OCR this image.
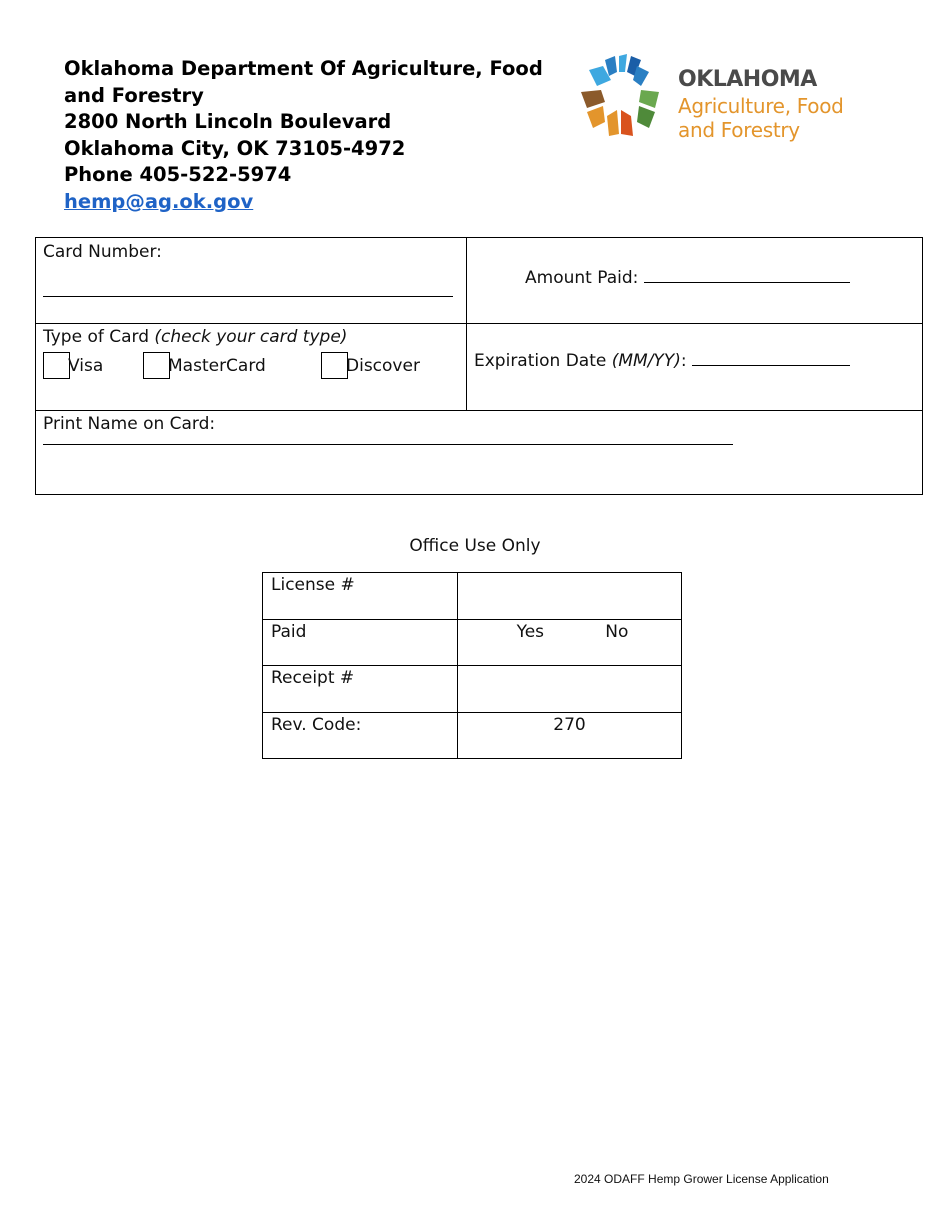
Oklahoma Department Of Agriculture, Food
and Forestry
2800 North Lincoln Boulevard
Oklahoma City, OK 73105-4972
Phone 405-522-5974
hemp@ag.ok.gov
OKLAHOMA
Agriculture, Food
and Forestry
Card Number:
Amount Paid:
Type of Card (check your card type)
Visa	MasterCard	Discover	Expiration Date (MM/YY):
Print Name on Card:
Office Use Only
License #	
Paid	Yes No

Receipt #	
Rev. Code:	270
2024 ODAFF Hemp Grower License Application
